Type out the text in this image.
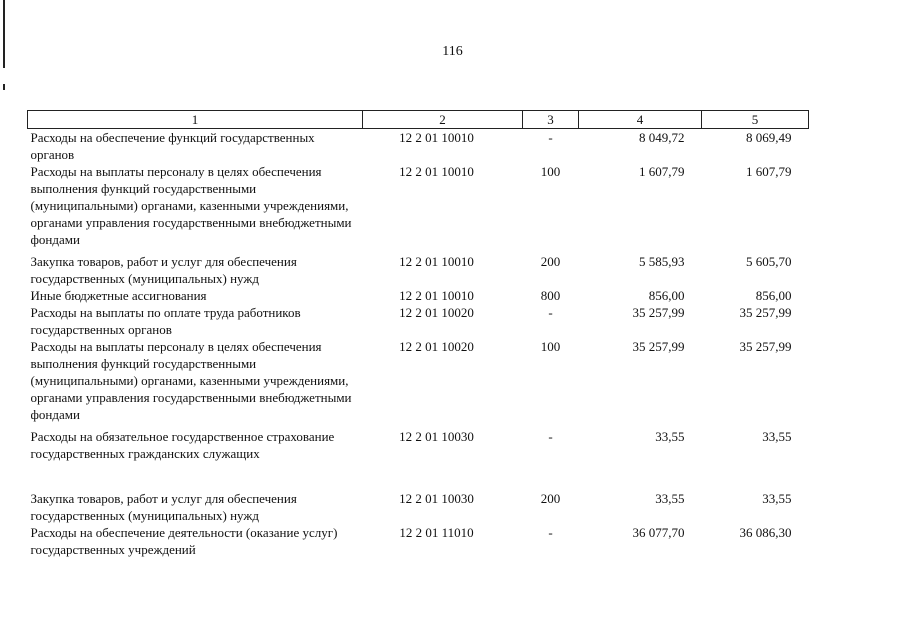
116
1	2	3	4	5
Расходы на обеспечение функций государственных органов	12 2 01 10010	-	8 049,72	8 069,49
Расходы на выплаты персоналу в целях обеспечения выполнения функций государственными (муниципальными) органами, казенными учреждениями, органами управления государственными внебюджетными фондами	12 2 01 10010	100	1 607,79	1 607,79
Закупка товаров, работ и услуг для обеспечения государственных (муниципальных) нужд	12 2 01 10010	200	5 585,93	5 605,70
Иные бюджетные ассигнования	12 2 01 10010	800	856,00	856,00
Расходы на выплаты по оплате труда работников государственных органов	12 2 01 10020	-	35 257,99	35 257,99
Расходы на выплаты персоналу в целях обеспечения выполнения функций государственными (муниципальными) органами, казенными учреждениями, органами управления государственными внебюджетными фондами	12 2 01 10020	100	35 257,99	35 257,99
Расходы на обязательное государственное страхование государственных гражданских служащих	12 2 01 10030	-	33,55	33,55
Закупка товаров, работ и услуг для обеспечения государственных (муниципальных) нужд	12 2 01 10030	200	33,55	33,55
Расходы на обеспечение деятельности (оказание услуг) государственных учреждений	12 2 01 11010	-	36 077,70	36 086,30
